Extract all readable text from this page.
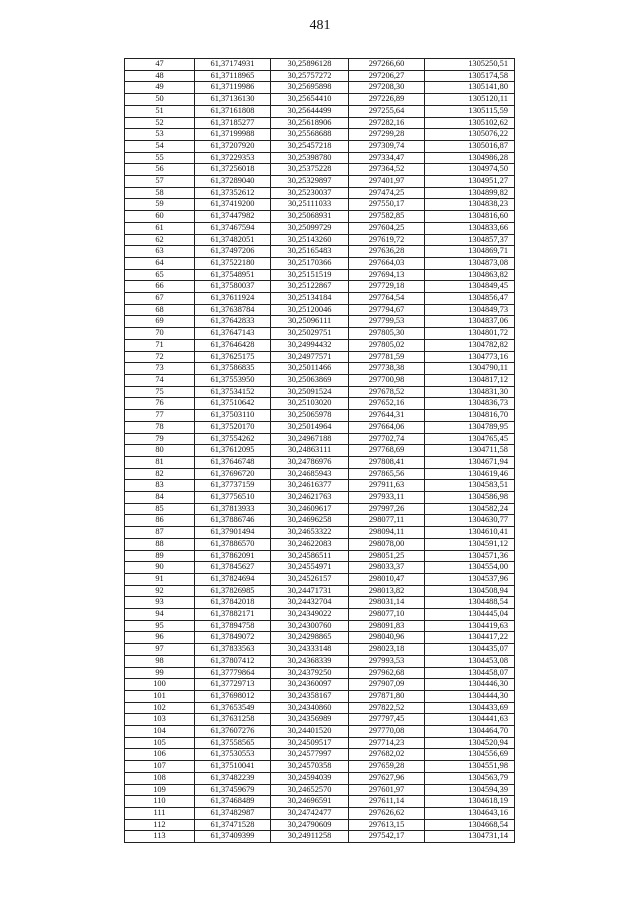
481
47	61,37174931	30,25896128	297266,60	1305250,51
48	61,37118965	30,25757272	297206,27	1305174,58
49	61,37119986	30,25695898	297208,30	1305141,80
50	61,37136130	30,25654410	297226,89	1305120,11
51	61,37161808	30,25644499	297255,64	1305115,59
52	61,37185277	30,25618906	297282,16	1305102,62
53	61,37199988	30,25568688	297299,28	1305076,22
54	61,37207920	30,25457218	297309,74	1305016,87
55	61,37229353	30,25398780	297334,47	1304986,28
56	61,37256018	30,25375228	297364,52	1304974,50
57	61,37289040	30,25329897	297401,97	1304951,27
58	61,37352612	30,25230037	297474,25	1304899,82
59	61,37419200	30,25111033	297550,17	1304838,23
60	61,37447982	30,25068931	297582,85	1304816,60
61	61,37467594	30,25099729	297604,25	1304833,66
62	61,37482051	30,25143260	297619,72	1304857,37
63	61,37497206	30,25165483	297636,28	1304869,71
64	61,37522180	30,25170366	297664,03	1304873,08
65	61,37548951	30,25151519	297694,13	1304863,82
66	61,37580037	30,25122867	297729,18	1304849,45
67	61,37611924	30,25134184	297764,54	1304856,47
68	61,37638784	30,25120046	297794,67	1304849,73
69	61,37642833	30,25096111	297799,53	1304837,06
70	61,37647143	30,25029751	297805,30	1304801,72
71	61,37646428	30,24994432	297805,02	1304782,82
72	61,37625175	30,24977571	297781,59	1304773,16
73	61,37586835	30,25011466	297738,38	1304790,11
74	61,37553950	30,25063869	297700,98	1304817,12
75	61,37534152	30,25091524	297678,52	1304831,30
76	61,37510642	30,25103020	297652,16	1304836,73
77	61,37503110	30,25065978	297644,31	1304816,70
78	61,37520170	30,25014964	297664,06	1304789,95
79	61,37554262	30,24967188	297702,74	1304765,45
80	61,37612095	30,24863111	297768,69	1304711,58
81	61,37646748	30,24786976	297808,41	1304671,94
82	61,37696720	30,24685943	297865,56	1304619,46
83	61,37737159	30,24616377	297911,63	1304583,51
84	61,37756510	30,24621763	297933,11	1304586,98
85	61,37813933	30,24609617	297997,26	1304582,24
86	61,37886746	30,24696258	298077,11	1304630,77
87	61,37901494	30,24653322	298094,11	1304610,41
88	61,37886570	30,24622083	298078,00	1304591,12
89	61,37862091	30,24586511	298051,25	1304571,36
90	61,37845627	30,24554971	298033,37	1304554,00
91	61,37824694	30,24526157	298010,47	1304537,96
92	61,37826985	30,24471731	298013,82	1304508,94
93	61,37842018	30,24432704	298031,14	1304488,54
94	61,37882171	30,24349022	298077,10	1304445,04
95	61,37894758	30,24300760	298091,83	1304419,63
96	61,37849072	30,24298865	298040,96	1304417,22
97	61,37833563	30,24333148	298023,18	1304435,07
98	61,37807412	30,24368339	297993,53	1304453,08
99	61,37779864	30,24379250	297962,68	1304458,07
100	61,37729713	30,24360097	297907,09	1304446,30
101	61,37698012	30,24358167	297871,80	1304444,30
102	61,37653549	30,24340860	297822,52	1304433,69
103	61,37631258	30,24356989	297797,45	1304441,63
104	61,37607276	30,24401520	297770,08	1304464,70
105	61,37558565	30,24509517	297714,23	1304520,94
106	61,37530553	30,24577997	297682,02	1304556,69
107	61,37510041	30,24570358	297659,28	1304551,98
108	61,37482239	30,24594039	297627,96	1304563,79
109	61,37459679	30,24652570	297601,97	1304594,39
110	61,37468489	30,24696591	297611,14	1304618,19
111	61,37482987	30,24742477	297626,62	1304643,16
112	61,37471528	30,24790609	297613,15	1304668,54
113	61,37409399	30,24911258	297542,17	1304731,14
